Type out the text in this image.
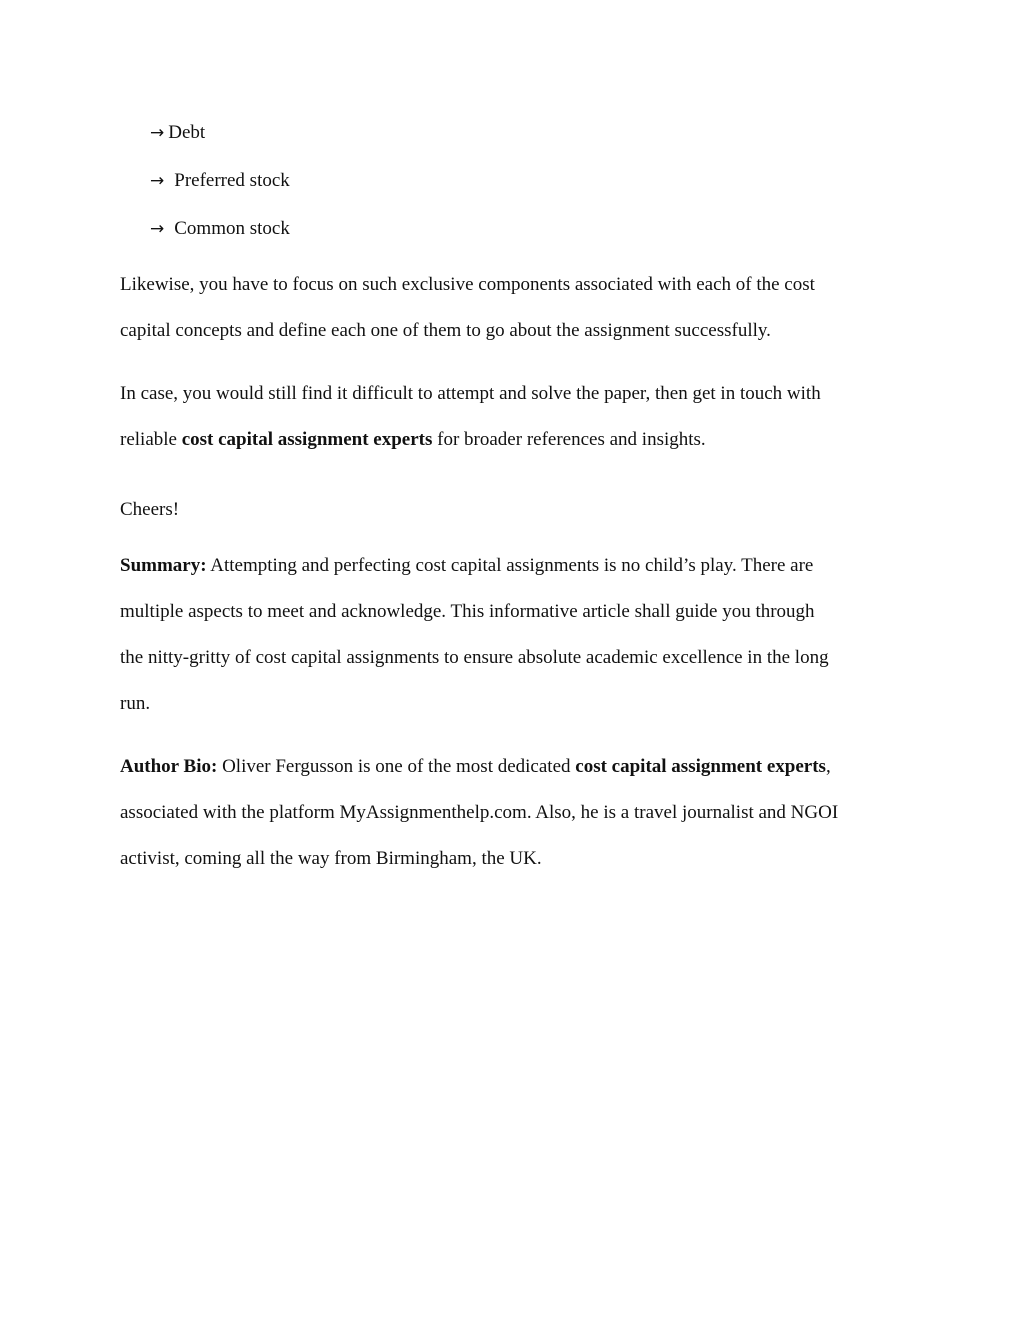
→ Debt
→ Preferred stock
→ Common stock
Likewise, you have to focus on such exclusive components associated with each of the cost
capital concepts and define each one of them to go about the assignment successfully.
In case, you would still find it difficult to attempt and solve the paper, then get in touch with
reliable cost capital assignment experts for broader references and insights.
Cheers!
Summary: Attempting and perfecting cost capital assignments is no child’s play. There are
multiple aspects to meet and acknowledge. This informative article shall guide you through
the nitty-gritty of cost capital assignments to ensure absolute academic excellence in the long
run.
Author Bio: Oliver Fergusson is one of the most dedicated cost capital assignment experts,
associated with the platform MyAssignmenthelp.com. Also, he is a travel journalist and NGOI
activist, coming all the way from Birmingham, the UK.
